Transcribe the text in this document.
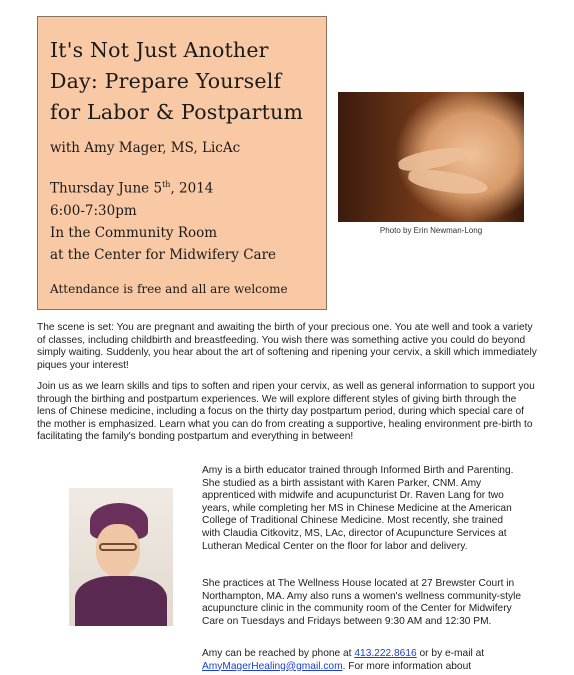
It's Not Just Another Day: Prepare Yourself for Labor & Postpartum

with Amy Mager, MS, LicAc

Thursday June 5th, 2014

6:00-7:30pm

In the Community Room

at the Center for Midwifery Care

Attendance is free and all are welcome

Photo by Erin Newman-Long

The scene is set: You are pregnant and awaiting the birth of your precious one. You ate well and took a variety of classes, including childbirth and breastfeeding. You wish there was something active you could do beyond simply waiting. Suddenly, you hear about the art of softening and ripening your cervix, a skill which immediately piques your interest!

Join us as we learn skills and tips to soften and ripen your cervix, as well as general information to support you through the birthing and postpartum experiences. We will explore different styles of giving birth through the lens of Chinese medicine, including a focus on the thirty day postpartum period, during which special care of the mother is emphasized. Learn what you can do from creating a supportive, healing environment pre-birth to facilitating the family's bonding postpartum and everything in between!

Amy is a birth educator trained through Informed Birth and Parenting. She studied as a birth assistant with Karen Parker, CNM. Amy apprenticed with midwife and acupuncturist Dr. Raven Lang for two years, while completing her MS in Chinese Medicine at the American College of Traditional Chinese Medicine. Most recently, she trained with Claudia Citkovitz, MS, LAc, director of Acupuncture Services at Lutheran Medical Center on the floor for labor and delivery.

She practices at The Wellness House located at 27 Brewster Court in Northampton, MA. Amy also runs a women's wellness community-style acupuncture clinic in the community room of the Center for Midwifery Care on Tuesdays and Fridays between 9:30 AM and 12:30 PM.

Amy can be reached by phone at 413.222.8616 or by e-mail at AmyMagerHealing@gmail.com. For more information about
